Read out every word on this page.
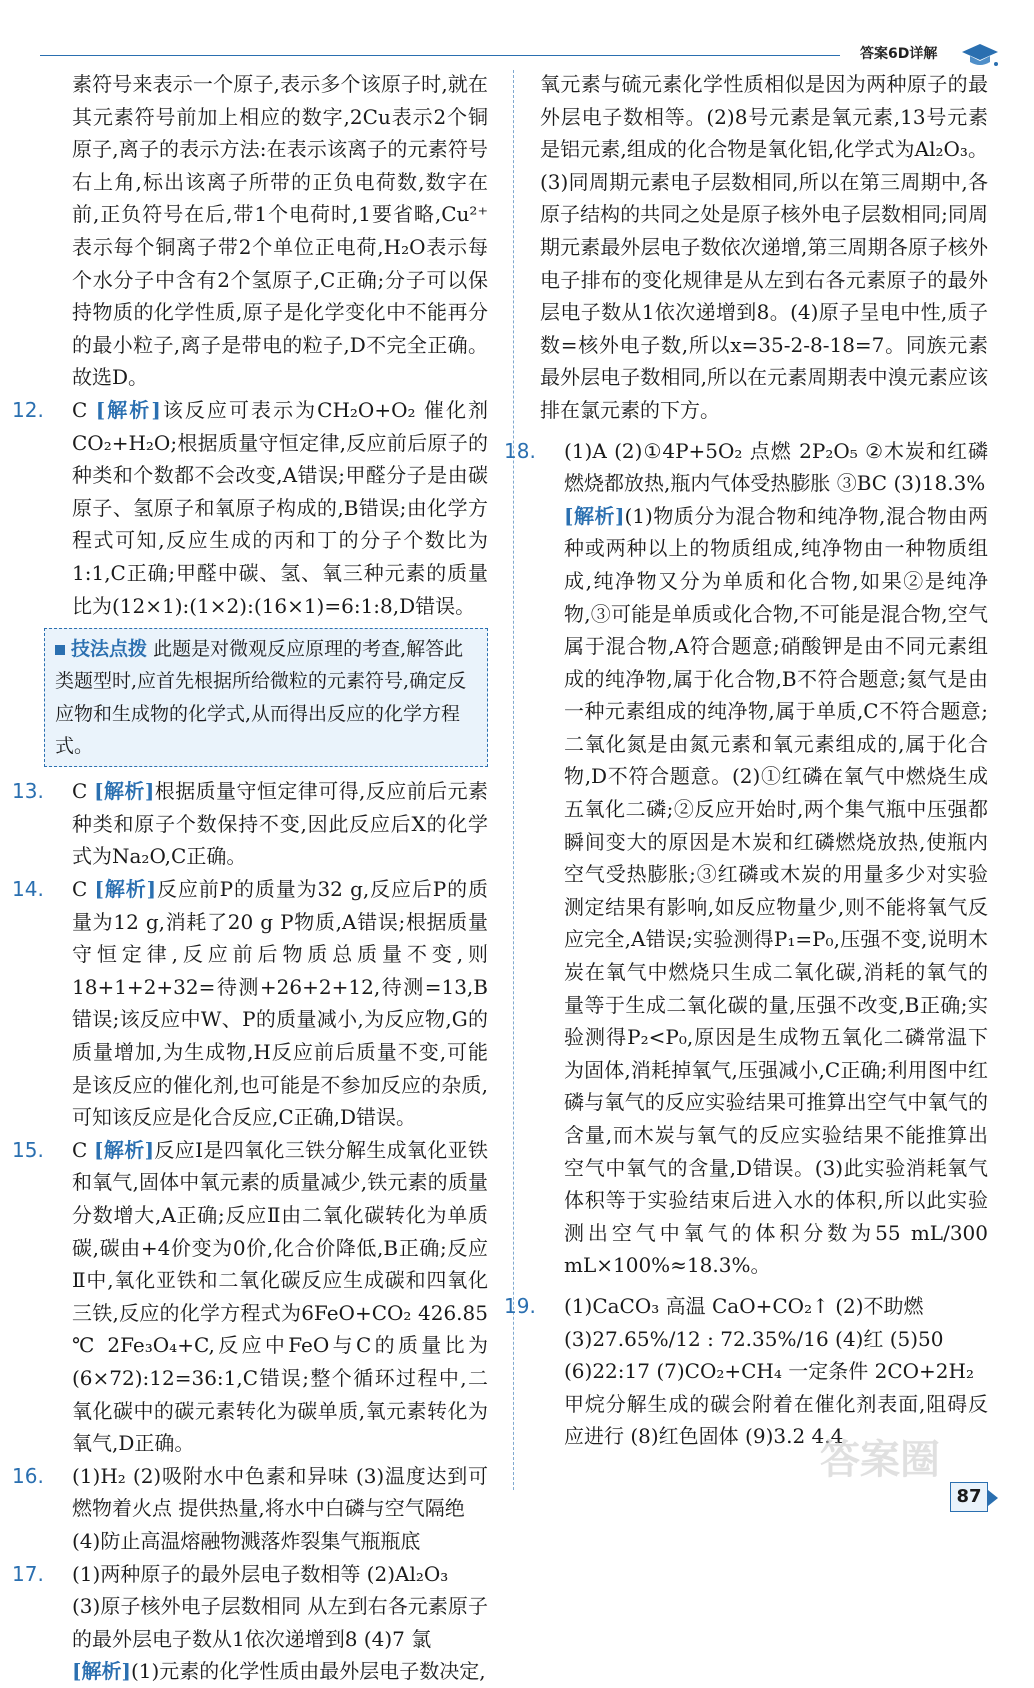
答案6D详解

素符号来表示一个原子,表示多个该原子时,就在其元素符号前加上相应的数字,2Cu表示2个铜原子,离子的表示方法:在表示该离子的元素符号右上角,标出该离子所带的正负电荷数,数字在前,正负符号在后,带1个电荷时,1要省略,Cu²⁺表示每个铜离子带2个单位正电荷,H₂O表示每个水分子中含有2个氢原子,C正确;分子可以保持物质的化学性质,原子是化学变化中不能再分的最小粒子,离子是带电的粒子,D不完全正确。故选D。

12.	C [解析]该反应可表示为CH₂O+O₂ 催化剂 CO₂+H₂O;根据质量守恒定律,反应前后原子的种类和个数都不会改变,A错误;甲醛分子是由碳原子、氢原子和氧原子构成的,B错误;由化学方程式可知,反应生成的丙和丁的分子个数比为1:1,C正确;甲醛中碳、氢、氧三种元素的质量比为(12×1):(1×2):(16×1)=6:1:8,D错误。

技法点拨 此题是对微观反应原理的考查,解答此类题型时,应首先根据所给微粒的元素符号,确定反应物和生成物的化学式,从而得出反应的化学方程式。

13.	C [解析]根据质量守恒定律可得,反应前后元素种类和原子个数保持不变,因此反应后X的化学式为Na₂O,C正确。

14.	C [解析]反应前P的质量为32 g,反应后P的质量为12 g,消耗了20 g P物质,A错误;根据质量守恒定律,反应前后物质总质量不变,则18+1+2+32=待测+26+2+12,待测=13,B错误;该反应中W、P的质量减小,为反应物,G的质量增加,为生成物,H反应前后质量不变,可能是该反应的催化剂,也可能是不参加反应的杂质,可知该反应是化合反应,C正确,D错误。

15.	C [解析]反应Ⅰ是四氧化三铁分解生成氧化亚铁和氧气,固体中氧元素的质量减少,铁元素的质量分数增大,A正确;反应Ⅱ由二氧化碳转化为单质碳,碳由+4价变为0价,化合价降低,B正确;反应Ⅱ中,氧化亚铁和二氧化碳反应生成碳和四氧化三铁,反应的化学方程式为6FeO+CO₂ 426.85 ℃ 2Fe₃O₄+C,反应中FeO与C的质量比为(6×72):12=36:1,C错误;整个循环过程中,二氧化碳中的碳元素转化为碳单质,氧元素转化为氧气,D正确。

16.	(1)H₂ (2)吸附水中色素和异味 (3)温度达到可燃物着火点 提供热量,将水中白磷与空气隔绝
(4)防止高温熔融物溅落炸裂集气瓶瓶底
17.	(1)两种原子的最外层电子数相等 (2)Al₂O₃
(3)原子核外电子层数相同 从左到右各元素原子的最外层电子数从1依次递增到8 (4)7 氯
[解析](1)元素的化学性质由最外层电子数决定,

氧元素与硫元素化学性质相似是因为两种原子的最外层电子数相等。(2)8号元素是氧元素,13号元素是铝元素,组成的化合物是氧化铝,化学式为Al₂O₃。(3)同周期元素电子层数相同,所以在第三周期中,各原子结构的共同之处是原子核外电子层数相同;同周期元素最外层电子数依次递增,第三周期各原子核外电子排布的变化规律是从左到右各元素原子的最外层电子数从1依次递增到8。(4)原子呈电中性,质子数=核外电子数,所以x=35-2-8-18=7。同族元素最外层电子数相同,所以在元素周期表中溴元素应该排在氯元素的下方。

18.	(1)A (2)①4P+5O₂ 点燃 2P₂O₅ ②木炭和红磷燃烧都放热,瓶内气体受热膨胀 ③BC (3)18.3%
[解析](1)物质分为混合物和纯净物,混合物由两种或两种以上的物质组成,纯净物由一种物质组成,纯净物又分为单质和化合物,如果②是纯净物,③可能是单质或化合物,不可能是混合物,空气属于混合物,A符合题意;硝酸钾是由不同元素组成的纯净物,属于化合物,B不符合题意;氦气是由一种元素组成的纯净物,属于单质,C不符合题意;二氧化氮是由氮元素和氧元素组成的,属于化合物,D不符合题意。(2)①红磷在氧气中燃烧生成五氧化二磷;②反应开始时,两个集气瓶中压强都瞬间变大的原因是木炭和红磷燃烧放热,使瓶内空气受热膨胀;③红磷或木炭的用量多少对实验测定结果有影响,如反应物量少,则不能将氧气反应完全,A错误;实验测得P₁=P₀,压强不变,说明木炭在氧气中燃烧只生成二氧化碳,消耗的氧气的量等于生成二氧化碳的量,压强不改变,B正确;实验测得P₂<P₀,原因是生成物五氧化二磷常温下为固体,消耗掉氧气,压强减小,C正确;利用图中红磷与氧气的反应实验结果可推算出空气中氧气的含量,而木炭与氧气的反应实验结果不能推算出空气中氧气的含量,D错误。(3)此实验消耗氧气体积等于实验结束后进入水的体积,所以此实验测出空气中氧气的体积分数为55 mL/300 mL×100%≈18.3%。
19.	(1)CaCO₃ 高温 CaO+CO₂↑ (2)不助燃
(3)27.65%/12 : 72.35%/16 (4)红 (5)50
(6)22:17 (7)CO₂+CH₄ 一定条件 2CO+2H₂
甲烷分解生成的碳会附着在催化剂表面,阻碍反应进行 (8)红色固体 (9)3.2 4.4
答案圈
87
